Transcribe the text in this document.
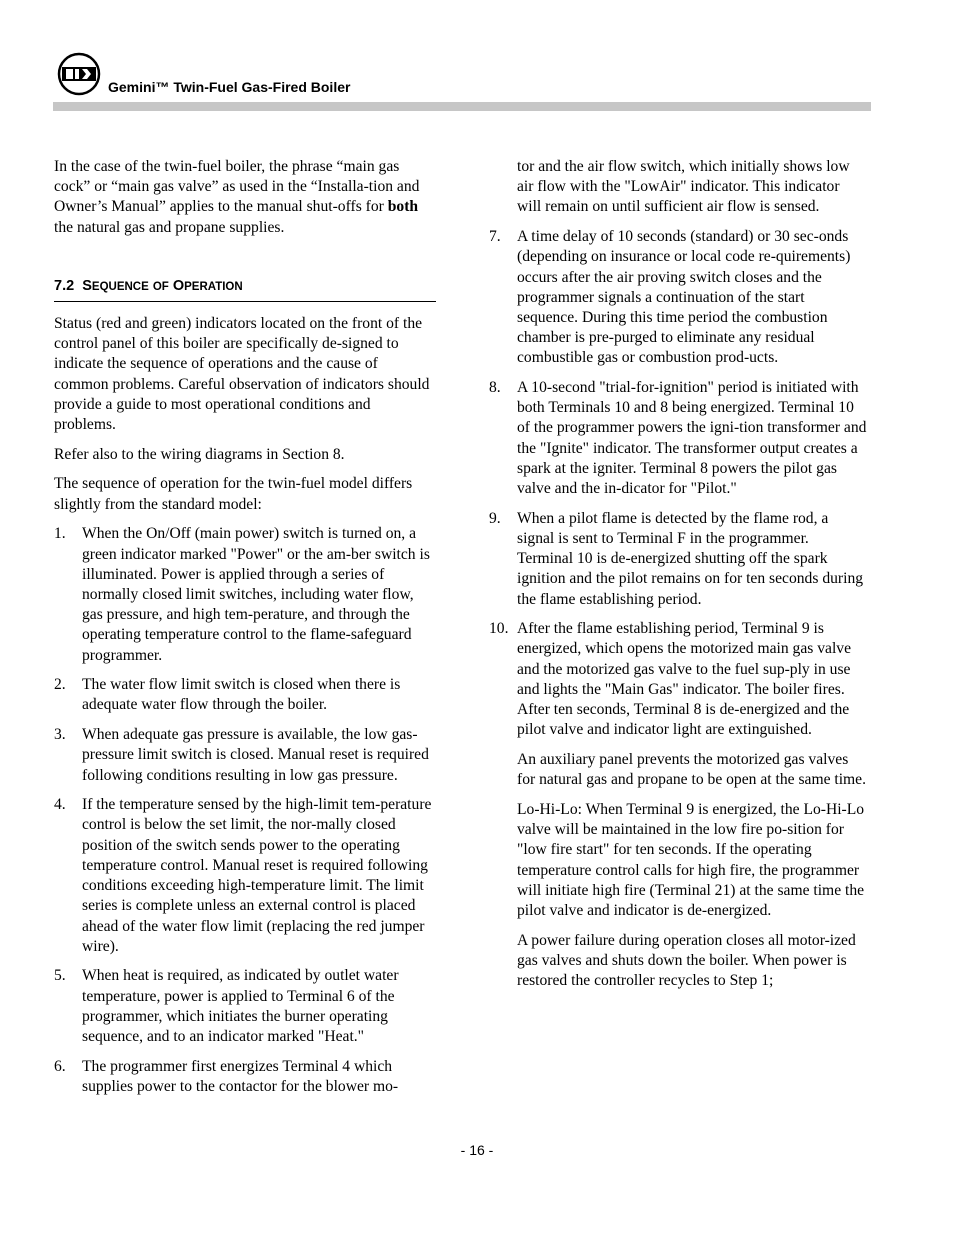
Gemini™ Twin-Fuel Gas-Fired Boiler

In the case of the twin-fuel boiler, the phrase “main gas cock” or “main gas valve” as used in the “Installa-tion and Owner’s Manual” applies to the manual shut-offs for both the natural gas and propane supplies.

7.2 SEQUENCE OF OPERATION

Status (red and green) indicators located on the front of the control panel of this boiler are specifically de-signed to indicate the sequence of operations and the cause of common problems. Careful observation of indicators should provide a guide to most operational conditions and problems.

Refer also to the wiring diagrams in Section 8.

The sequence of operation for the twin-fuel model differs slightly from the standard model:

1.	When the On/Off (main power) switch is turned on, a green indicator marked "Power" or the am-ber switch is illuminated. Power is applied through a series of normally closed limit switches, including water flow, gas pressure, and high tem-perature, and through the operating temperature control to the flame-safeguard programmer.
2.	The water flow limit switch is closed when there is adequate water flow through the boiler.
3.	When adequate gas pressure is available, the low gas-pressure limit switch is closed. Manual reset is required following conditions resulting in low gas pressure.
4.	If the temperature sensed by the high-limit tem-perature control is below the set limit, the nor-mally closed position of the switch sends power to the operating temperature control. Manual reset is required following conditions exceeding high-temperature limit. The limit series is complete unless an external control is placed ahead of the water flow limit (replacing the red jumper wire).
5.	When heat is required, as indicated by outlet water temperature, power is applied to Terminal 6 of the programmer, which initiates the burner operating sequence, and to an indicator marked "Heat."
6.	The programmer first energizes Terminal 4 which supplies power to the contactor for the blower mo-
tor and the air flow switch, which initially shows low air flow with the "LowAir" indicator. This indicator will remain on until sufficient air flow is sensed.
7.	A time delay of 10 seconds (standard) or 30 sec-onds (depending on insurance or local code re-quirements) occurs after the air proving switch closes and the programmer signals a continuation of the start sequence. During this time period the combustion chamber is pre-purged to eliminate any residual combustible gas or combustion prod-ucts.
8.	A 10-second "trial-for-ignition" period is initiated with both Terminals 10 and 8 being energized. Terminal 10 of the programmer powers the igni-tion transformer and the "Ignite" indicator. The transformer output creates a spark at the igniter. Terminal 8 powers the pilot gas valve and the in-dicator for "Pilot."
9.	When a pilot flame is detected by the flame rod, a signal is sent to Terminal F in the programmer. Terminal 10 is de-energized shutting off the spark ignition and the pilot remains on for ten seconds during the flame establishing period.
10. After the flame establishing period, Terminal 9 is energized, which opens the motorized main gas valve and the motorized gas valve to the fuel sup-ply in use and lights the "Main Gas" indicator. The boiler fires. After ten seconds, Terminal 8 is de-energized and the pilot valve and indicator light are extinguished.
An auxiliary panel prevents the motorized gas valves for natural gas and propane to be open at the same time.
Lo-Hi-Lo: When Terminal 9 is energized, the Lo-Hi-Lo valve will be maintained in the low fire po-sition for "low fire start" for ten seconds. If the operating temperature control calls for high fire, the programmer will initiate high fire (Terminal 21) at the same time the pilot valve and indicator is de-energized.
A power failure during operation closes all motor-ized gas valves and shuts down the boiler. When power is restored the controller recycles to Step 1;
- 16 -
